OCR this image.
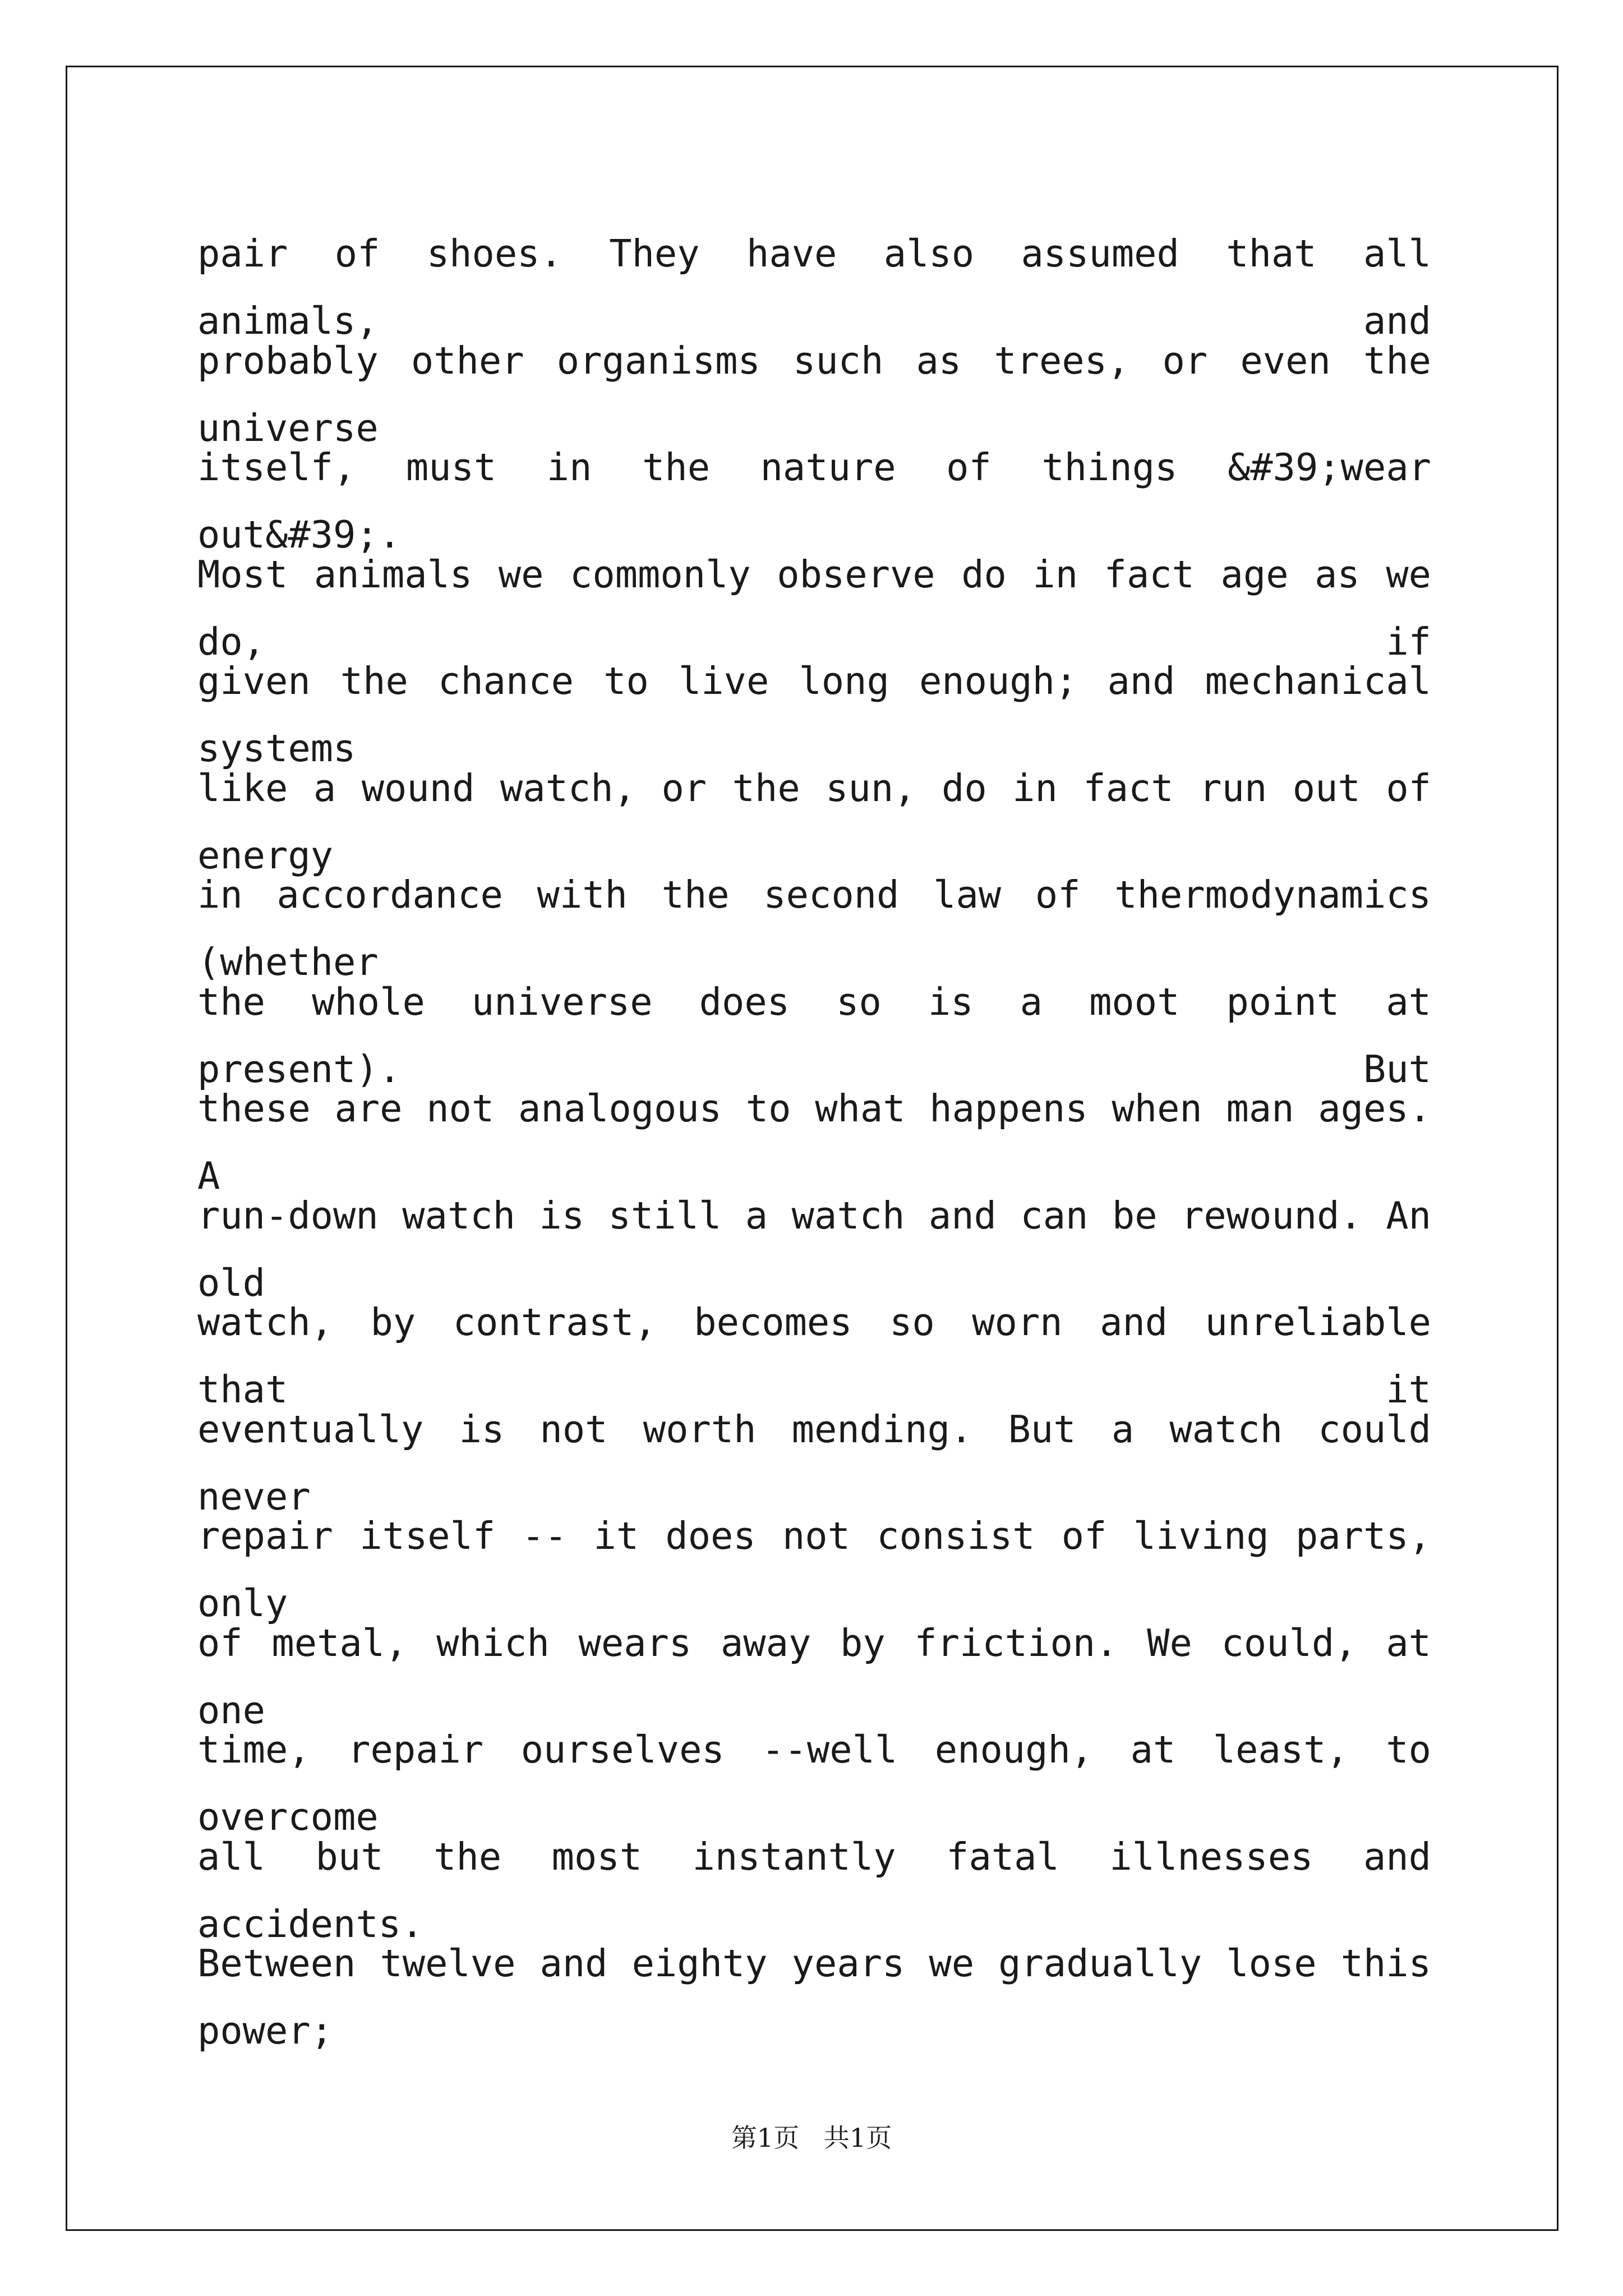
pair of shoes. They have also assumed that all animals, and
probably other organisms such as trees, or even the universe
itself, must in the nature of things &#39;wear out&#39;.
Most animals we commonly observe do in fact age as we do, if
given the chance to live long enough; and mechanical systems
like a wound watch, or the sun, do in fact run out of energy
in accordance with the second law of thermodynamics (whether
the whole universe does so is a moot point at present). But
these are not analogous to what happens when man ages. A
run-down watch is still a watch and can be rewound. An old
watch, by contrast, becomes so worn and unreliable that it
eventually is not worth mending. But a watch could never
repair itself -- it does not consist of living parts, only
of metal, which wears away by friction. We could, at one
time, repair ourselves --well enough, at least, to overcome
all but the most instantly fatal illnesses and accidents.
Between twelve and eighty years we gradually lose this power;
第1页   共1页
